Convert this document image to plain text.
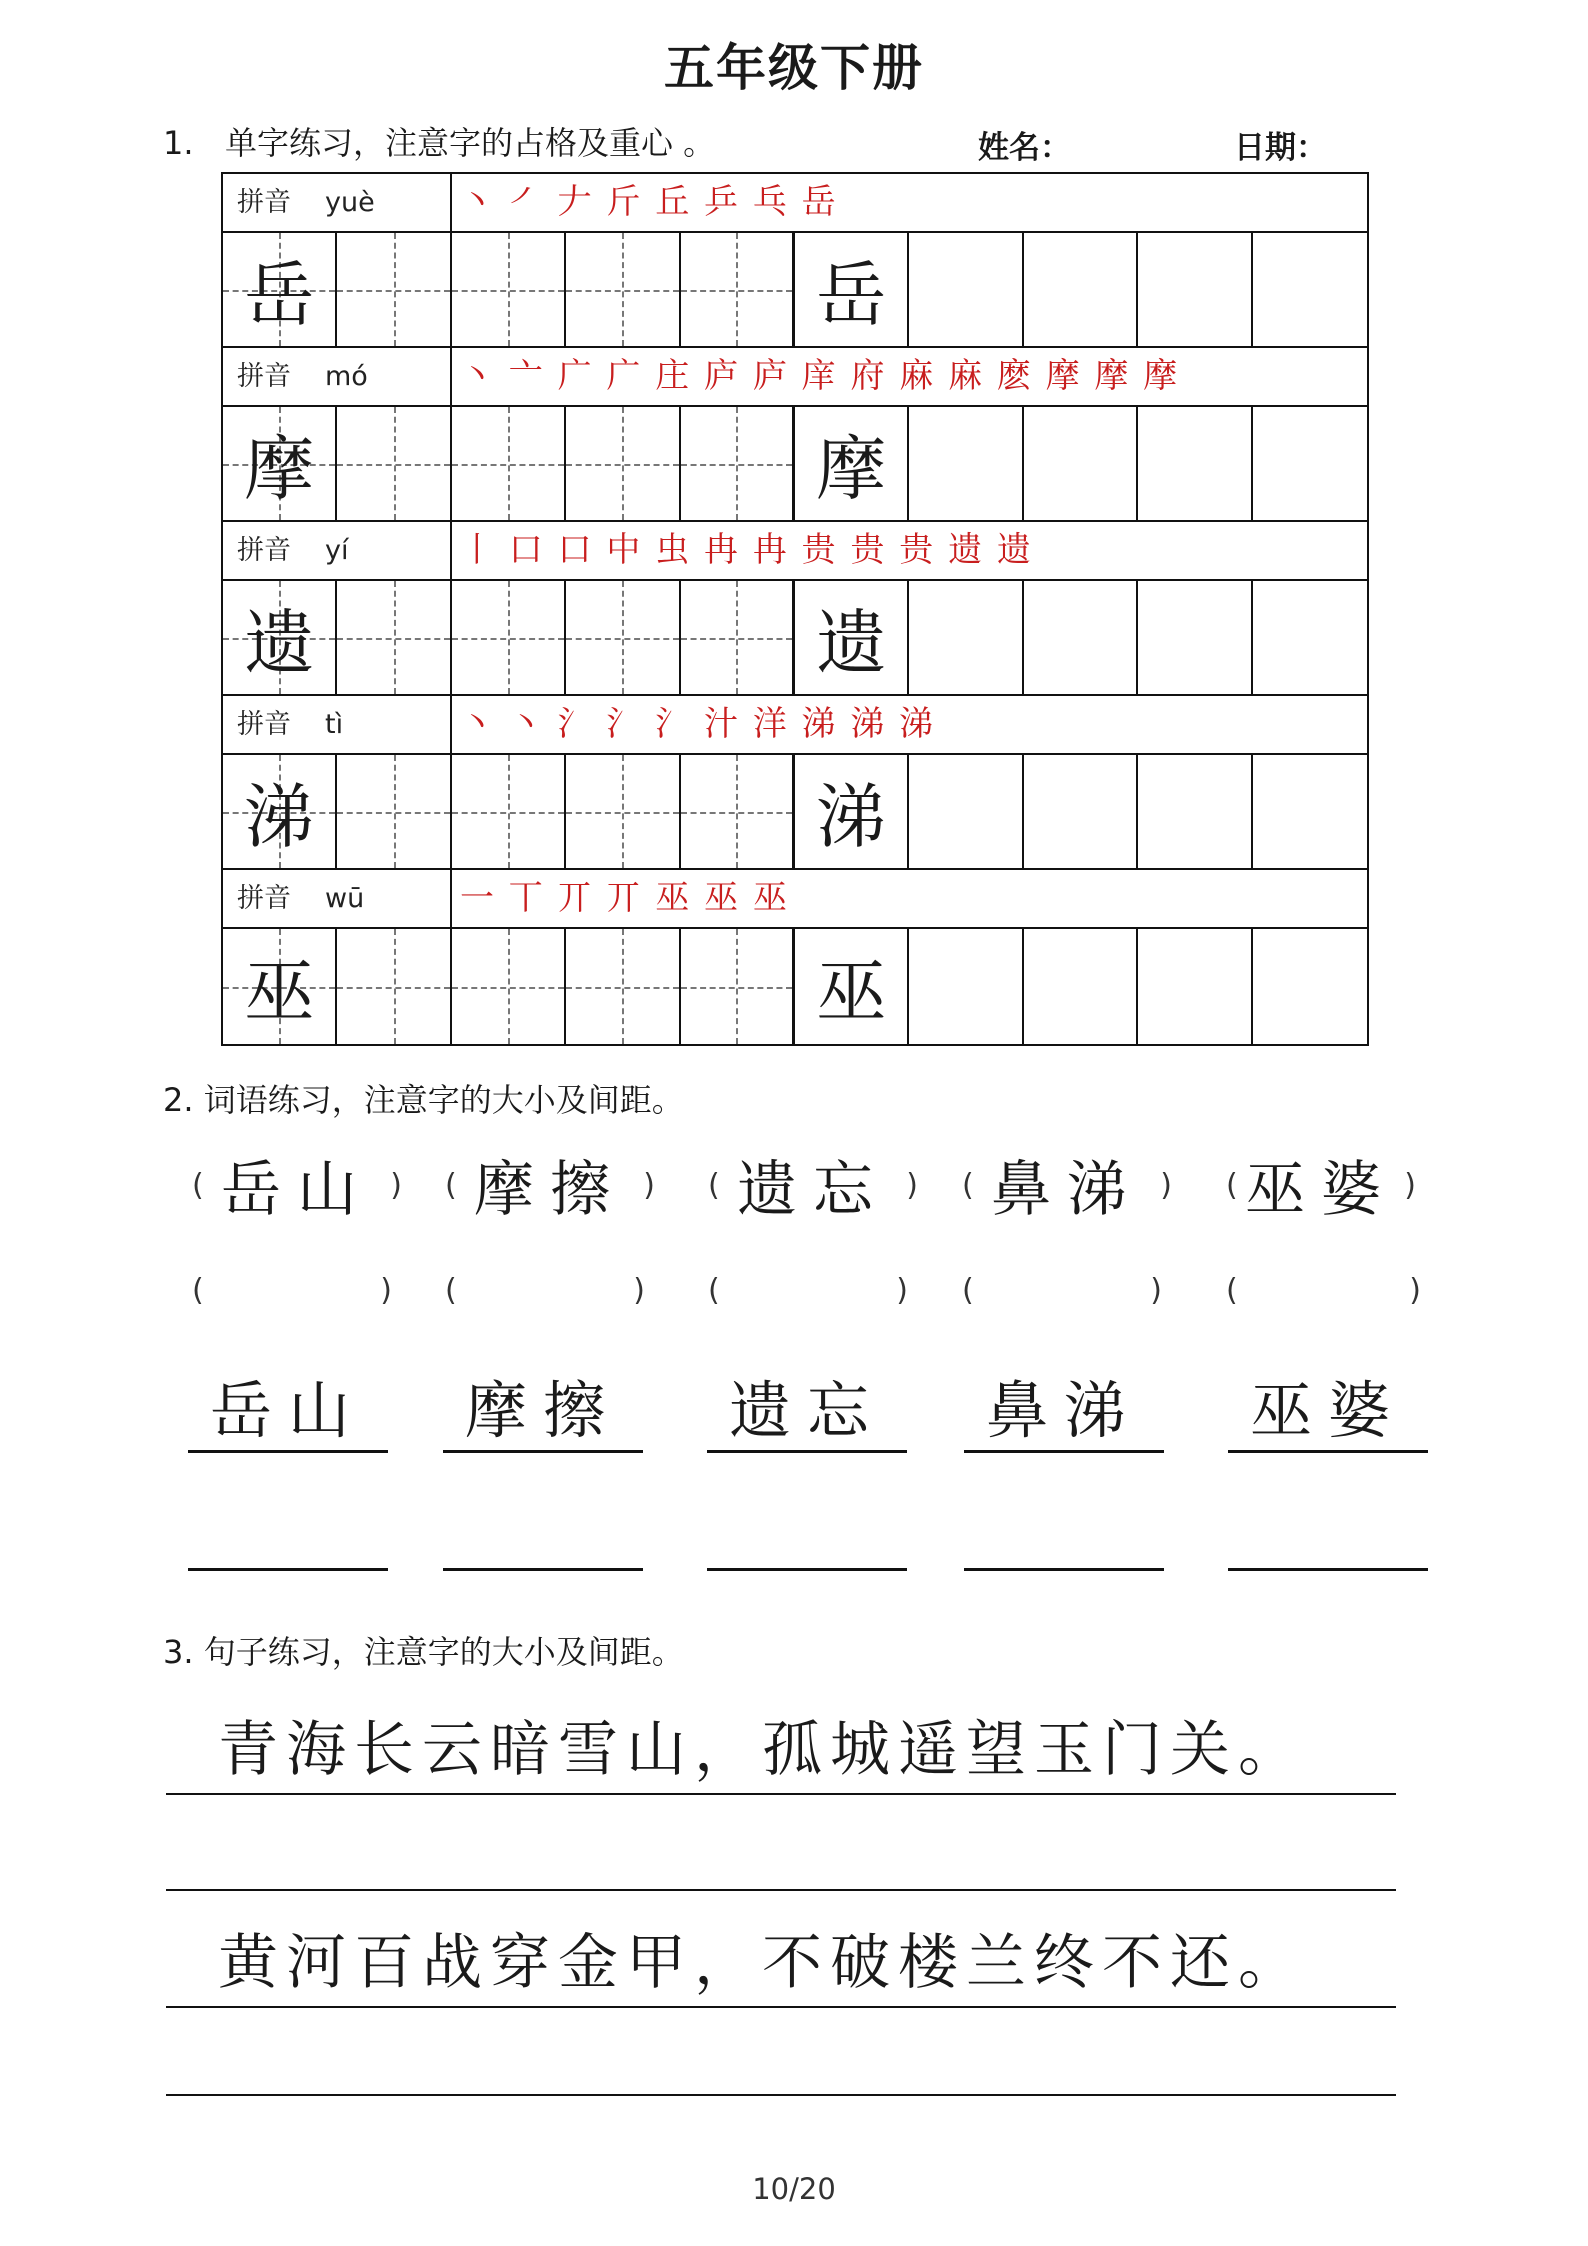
五年级下册
1. 单字练习，注意字的占格及重心 。	姓名：	日期：
拼音 yuè	丶 ㇒ 𠂇 斤 丘 乒 乓 岳
岳	岳
拼音 mó	丶 亠 广 广 庄 庐 庐 庠 府 麻 麻 麽 摩 摩 摩
摩	摩
拼音 yí	丨 口 口 中 虫 冉 冉 贵 贵 贵 遗 遗
遗	遗
拼音 tì	丶 丶 氵 氵 氵 汁 洋 涕 涕 涕
涕	涕
拼音 wū	一 丅 丌 丌 巫 巫 巫
巫	巫
2. 词语练习，注意字的大小及间距。
( 岳山 ) ( 摩擦 ) ( 遗忘 ) ( 鼻涕 ) ( 巫婆 )
(	) (	) (	) (	) (	)
岳山	摩擦	遗忘	鼻涕	巫婆
3. 句子练习，注意字的大小及间距。
青海长云暗雪山，孤城遥望玉门关。
黄河百战穿金甲，不破楼兰终不还。
10/20
